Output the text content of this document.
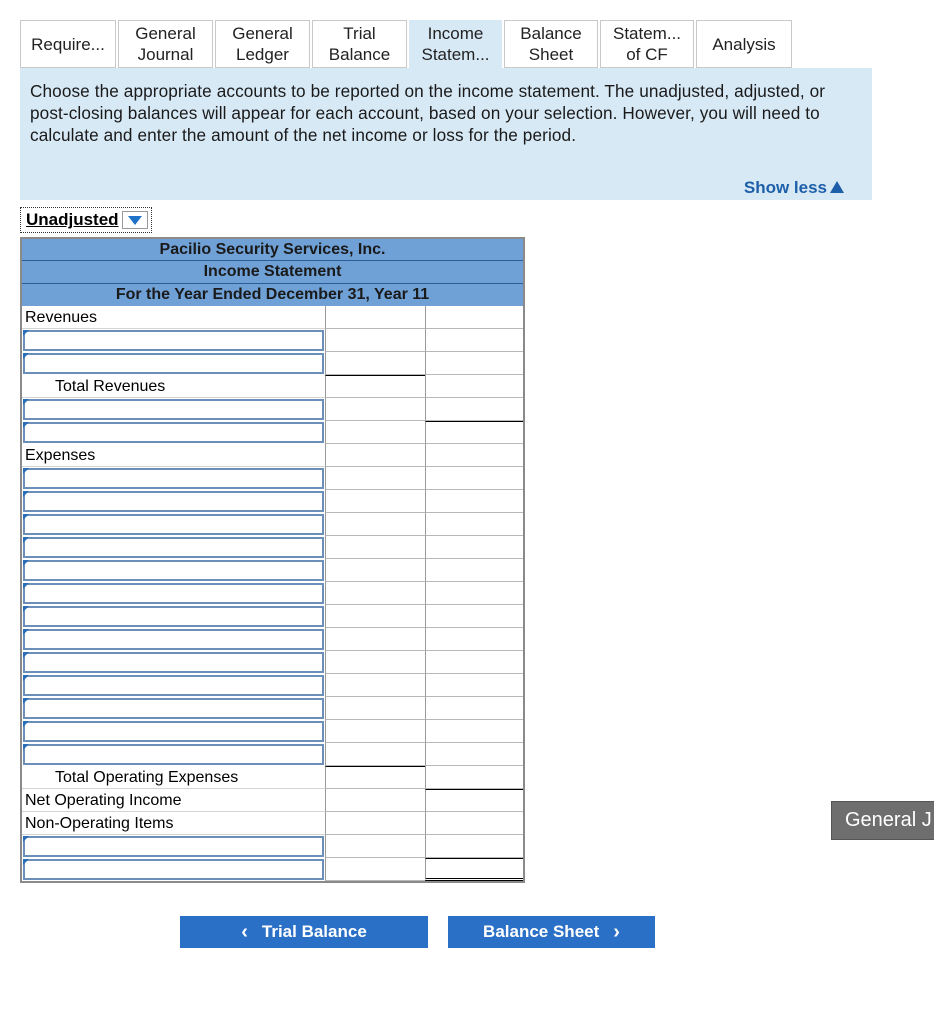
Require...
General
Journal
General
Ledger
Trial
Balance
Income
Statem...
Balance
Sheet
Statem...
of CF
Analysis

Choose the appropriate accounts to be reported on the income statement. The unadjusted, adjusted, or post-closing balances will appear for each account, based on your selection. However, you will need to calculate and enter the amount of the net income or loss for the period.

Show less
Unadjusted
Pacilio Security Services, Inc.
Income Statement
For the Year Ended December 31, Year 11
Revenues
Total Revenues
Expenses
Total Operating Expenses
Net Operating Income
Non-Operating Items
‹ Trial Balance	Balance Sheet ›
General J
